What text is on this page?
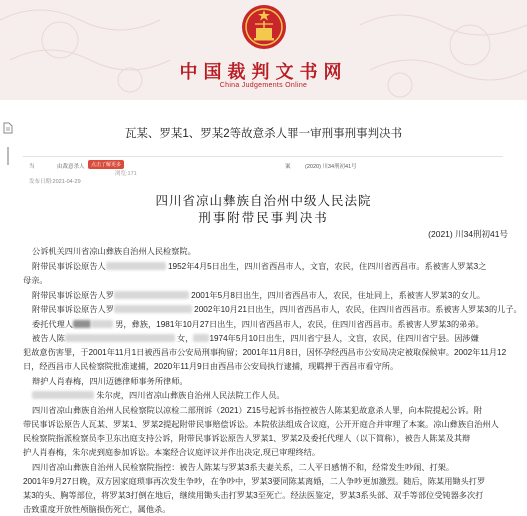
中国裁判文书网
China Judgements Online
瓦某、罗某1、罗某2等故意杀人罪一审刑事刑事判决书
当	由裁意杀人	点击了解更多	案	(2020) 川34刑初41号
浏览:171
发布日期:2021-04-29
四川省凉山彝族自治州中级人民法院
刑事附带民事判决书
(2021) 川34刑初41号
公诉机关四川省凉山彝族自治州人民检察院。
附带民事诉讼原告人	1952年4月5日出生，四川省西昌市人，文盲，农民，住四川省西昌市。系被害人罗某3之
母亲。
附带民事诉讼原告人罗	2001年5月8日出生，四川省西昌市人，农民，住址同上，系被害人罗某3的女儿。
附带民事诉讼原告人罗	2002年10月21日出生，四川省西昌市人，农民，住四川省西昌市。系被害人罗某3的儿子。
委托代理人	男，彝族，1981年10月27日出生，四川省西昌市人，农民，住四川省西昌市。系被害人罗某3的弟弟。
被告人陈	女， 1974年5月10日出生，四川省宁县人，文盲，农民，住四川省宁县。因涉嫌
犯故意伤害罪，于2001年11月1日被西昌市公安局刑事拘留；2001年11月8日，因怀孕经西昌市公安局决定被取保候审。2002年11月12
日，经西昌市人民检察院批准逮捕，2020年11月9日由西昌市公安局执行逮捕，现羁押于西昌市看守所。
辩护人肖春梅，四川迈德律师事务所律师。
朱尔虎，四川省凉山彝族自治州人民法院工作人员。
四川省凉山彝族自治州人民检察院以凉检二部刑诉（2021）Z15号起诉书指控被告人陈某犯故意杀人罪，向本院提起公诉。附
带民事诉讼原告人瓦某、罗某1、罗某2提起附带民事赔偿诉讼。本院依法组成合议庭，公开开庭合并审理了本案。凉山彝族自治州人
民检察院指派检察员李卫东出庭支持公诉，附带民事诉讼原告人罗某1、罗某2及委托代理人（以下简称），被告人陈某及其辩
护人肖春梅，朱尔虎到庭参加诉讼。本案经合议庭评议并作出决定,现已审理终结。
四川省凉山彝族自治州人民检察院指控：被告人陈某与罗某3系夫妻关系，二人平日感情不和，经常发生吵闹、打架。
2001年9月27日晚，双方因家庭琐事再次发生争吵，在争吵中，罗某3要同陈某离婚，二人争吵更加激烈。随后，陈某用锄头打罗
某3的头、胸等部位，将罗某3打倒在地后，继续用锄头击打罗某3至死亡。经法医鉴定，罗某3系头部、双手等部位受钝器多次打
击致重度开放性颅脑损伤死亡，属他杀。
